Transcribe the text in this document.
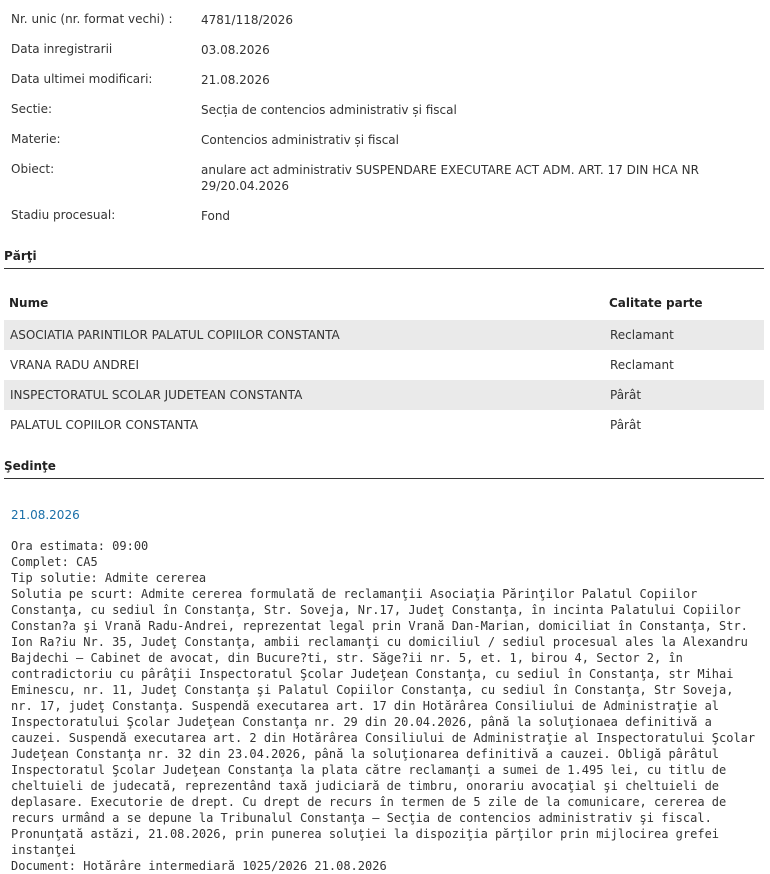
Nr. unic (nr. format vechi) : 4781/118/2026
Data inregistrarii	03.08.2026
Data ultimei modificari:	21.08.2026
Sectie:	Secția de contencios administrativ și fiscal
Materie:	Contencios administrativ și fiscal
Obiect:	anulare act administrativ SUSPENDARE EXECUTARE ACT ADM. ART. 17 DIN HCA NR 29/20.04.2026
Stadiu procesual:	Fond
Părţi
Nume	Calitate parte
ASOCIATIA PARINTILOR PALATUL COPIILOR CONSTANTA	Reclamant
VRANA RADU ANDREI	Reclamant
INSPECTORATUL SCOLAR JUDETEAN CONSTANTA	Pârât
PALATUL COPIILOR CONSTANTA	Pârât
Şedinţe
21.08.2026
Ora estimata: 09:00
Complet: CA5
Tip solutie: Admite cererea
Solutia pe scurt: Admite cererea formulată de reclamanţii Asociaţia Părinţilor Palatul Copiilor Constanţa, cu sediul în Constanţa, Str. Soveja, Nr.17, Judeţ Constanţa, în incinta Palatului Copiilor Constan?a şi Vrană Radu-Andrei, reprezentat legal prin Vrană Dan-Marian, domiciliat în Constanţa, Str. Ion Ra?iu Nr. 35, Judeţ Constanţa, ambii reclamanţi cu domiciliul / sediul procesual ales la Alexandru Bajdechi – Cabinet de avocat, din Bucure?ti, str. Săge?ii nr. 5, et. 1, birou 4, Sector 2, în contradictoriu cu pârâţii Inspectoratul Şcolar Judeţean Constanţa, cu sediul în Constanţa, str Mihai Eminescu, nr. 11, Judeţ Constanţa şi Palatul Copiilor Constanţa, cu sediul în Constanţa, Str Soveja, nr. 17, judeţ Constanţa. Suspendă executarea art. 17 din Hotărârea Consiliului de Administraţie al Inspectoratului Şcolar Judeţean Constanţa nr. 29 din 20.04.2026, până la soluţionaea definitivă a cauzei. Suspendă executarea art. 2 din Hotărârea Consiliului de Administraţie al Inspectoratului Şcolar Judeţean Constanţa nr. 32 din 23.04.2026, până la soluţionarea definitivă a cauzei. Obligă pârâtul Inspectoratul Şcolar Judeţean Constanţa la plata către reclamanţi a sumei de 1.495 lei, cu titlu de cheltuieli de judecată, reprezentând taxă judiciară de timbru, onorariu avocaţial şi cheltuieli de deplasare. Executorie de drept. Cu drept de recurs în termen de 5 zile de la comunicare, cererea de recurs urmând a se depune la Tribunalul Constanţa – Secţia de contencios administrativ şi fiscal. Pronunţată astăzi, 21.08.2026, prin punerea soluţiei la dispoziţia părţilor prin mijlocirea grefei instanţei
Document: Hotărâre intermediară 1025/2026 21.08.2026
